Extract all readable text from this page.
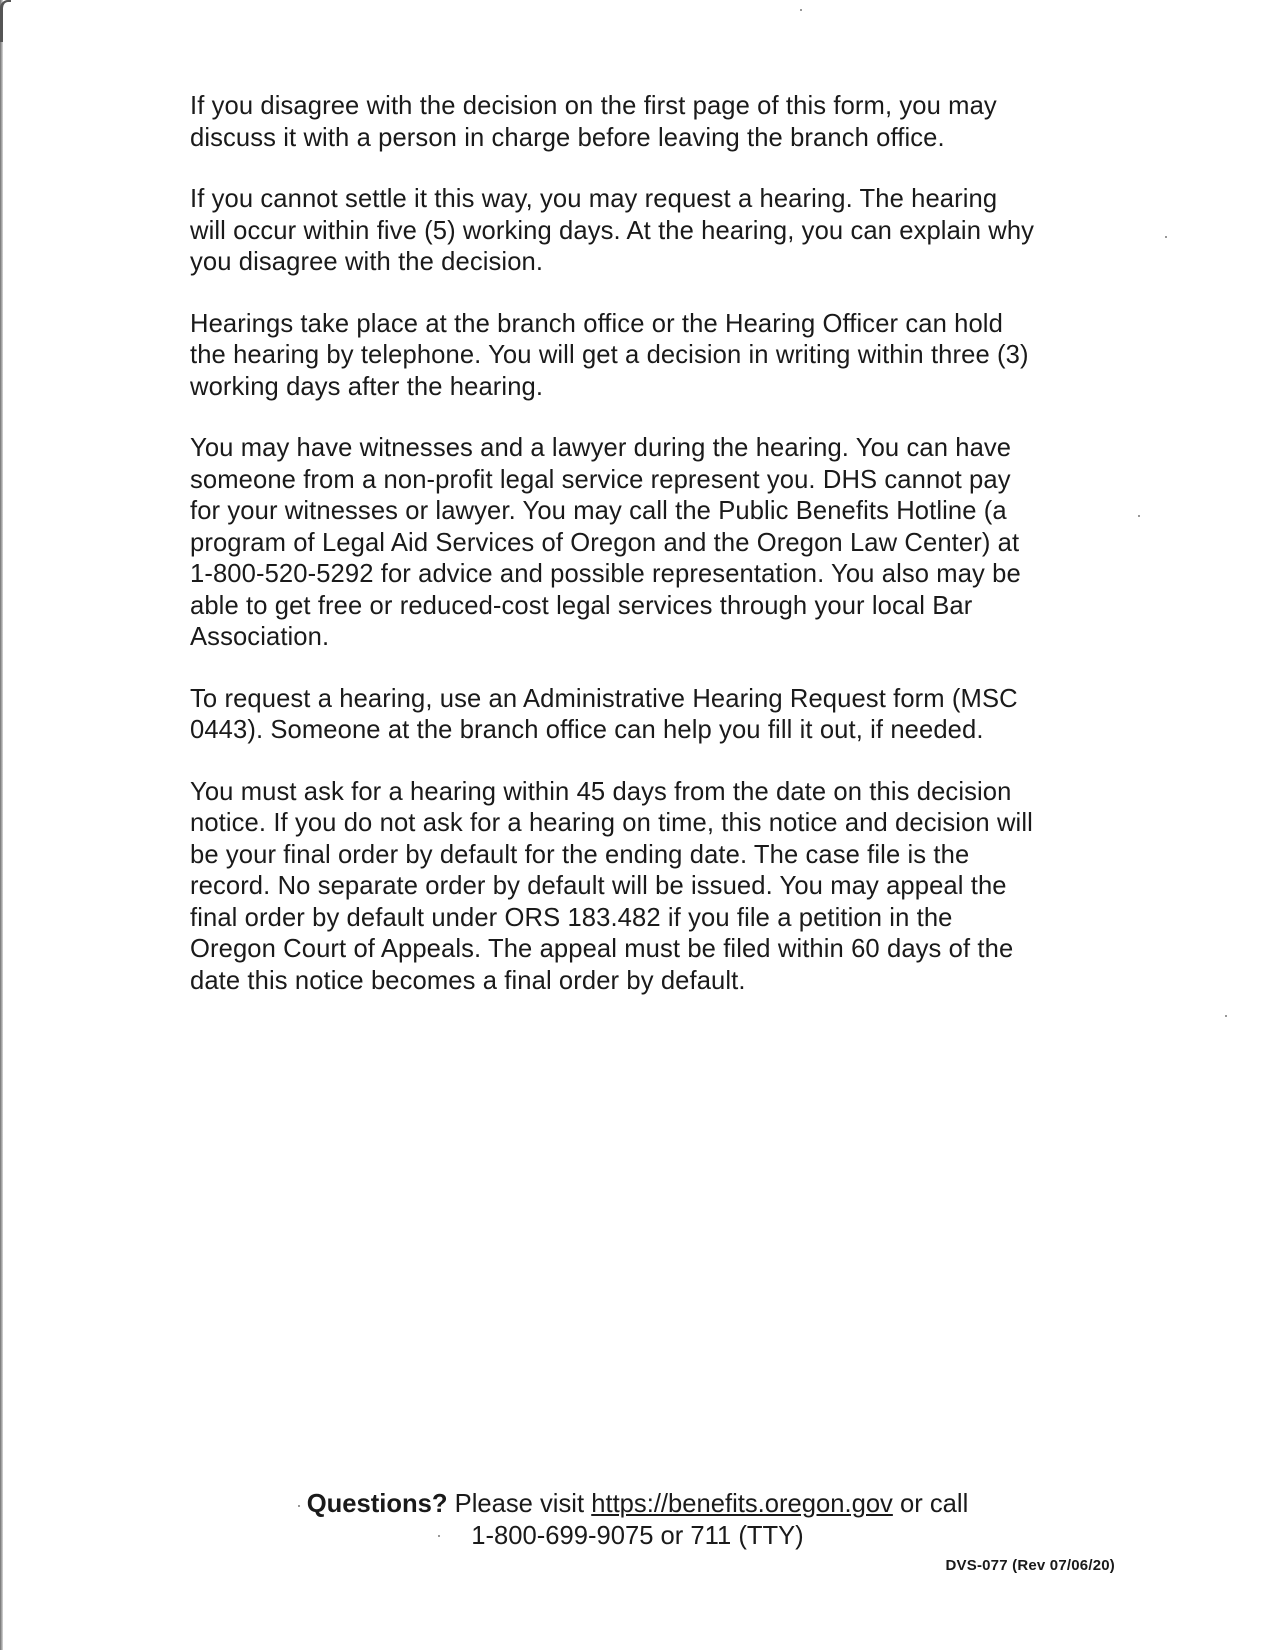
If you disagree with the decision on the first page of this form, you may
discuss it with a person in charge before leaving the branch office.

If you cannot settle it this way, you may request a hearing. The hearing
will occur within five (5) working days. At the hearing, you can explain why
you disagree with the decision.

Hearings take place at the branch office or the Hearing Officer can hold
the hearing by telephone. You will get a decision in writing within three (3)
working days after the hearing.

You may have witnesses and a lawyer during the hearing. You can have
someone from a non-profit legal service represent you. DHS cannot pay
for your witnesses or lawyer. You may call the Public Benefits Hotline (a
program of Legal Aid Services of Oregon and the Oregon Law Center) at
1-800-520-5292 for advice and possible representation. You also may be
able to get free or reduced-cost legal services through your local Bar
Association.

To request a hearing, use an Administrative Hearing Request form (MSC
0443). Someone at the branch office can help you fill it out, if needed.

You must ask for a hearing within 45 days from the date on this decision
notice. If you do not ask for a hearing on time, this notice and decision will
be your final order by default for the ending date. The case file is the
record. No separate order by default will be issued. You may appeal the
final order by default under ORS 183.482 if you file a petition in the
Oregon Court of Appeals. The appeal must be filed within 60 days of the
date this notice becomes a final order by default.

Questions? Please visit https://benefits.oregon.gov or call
1-800-699-9075 or 711 (TTY)
DVS-077 (Rev 07/06/20)
